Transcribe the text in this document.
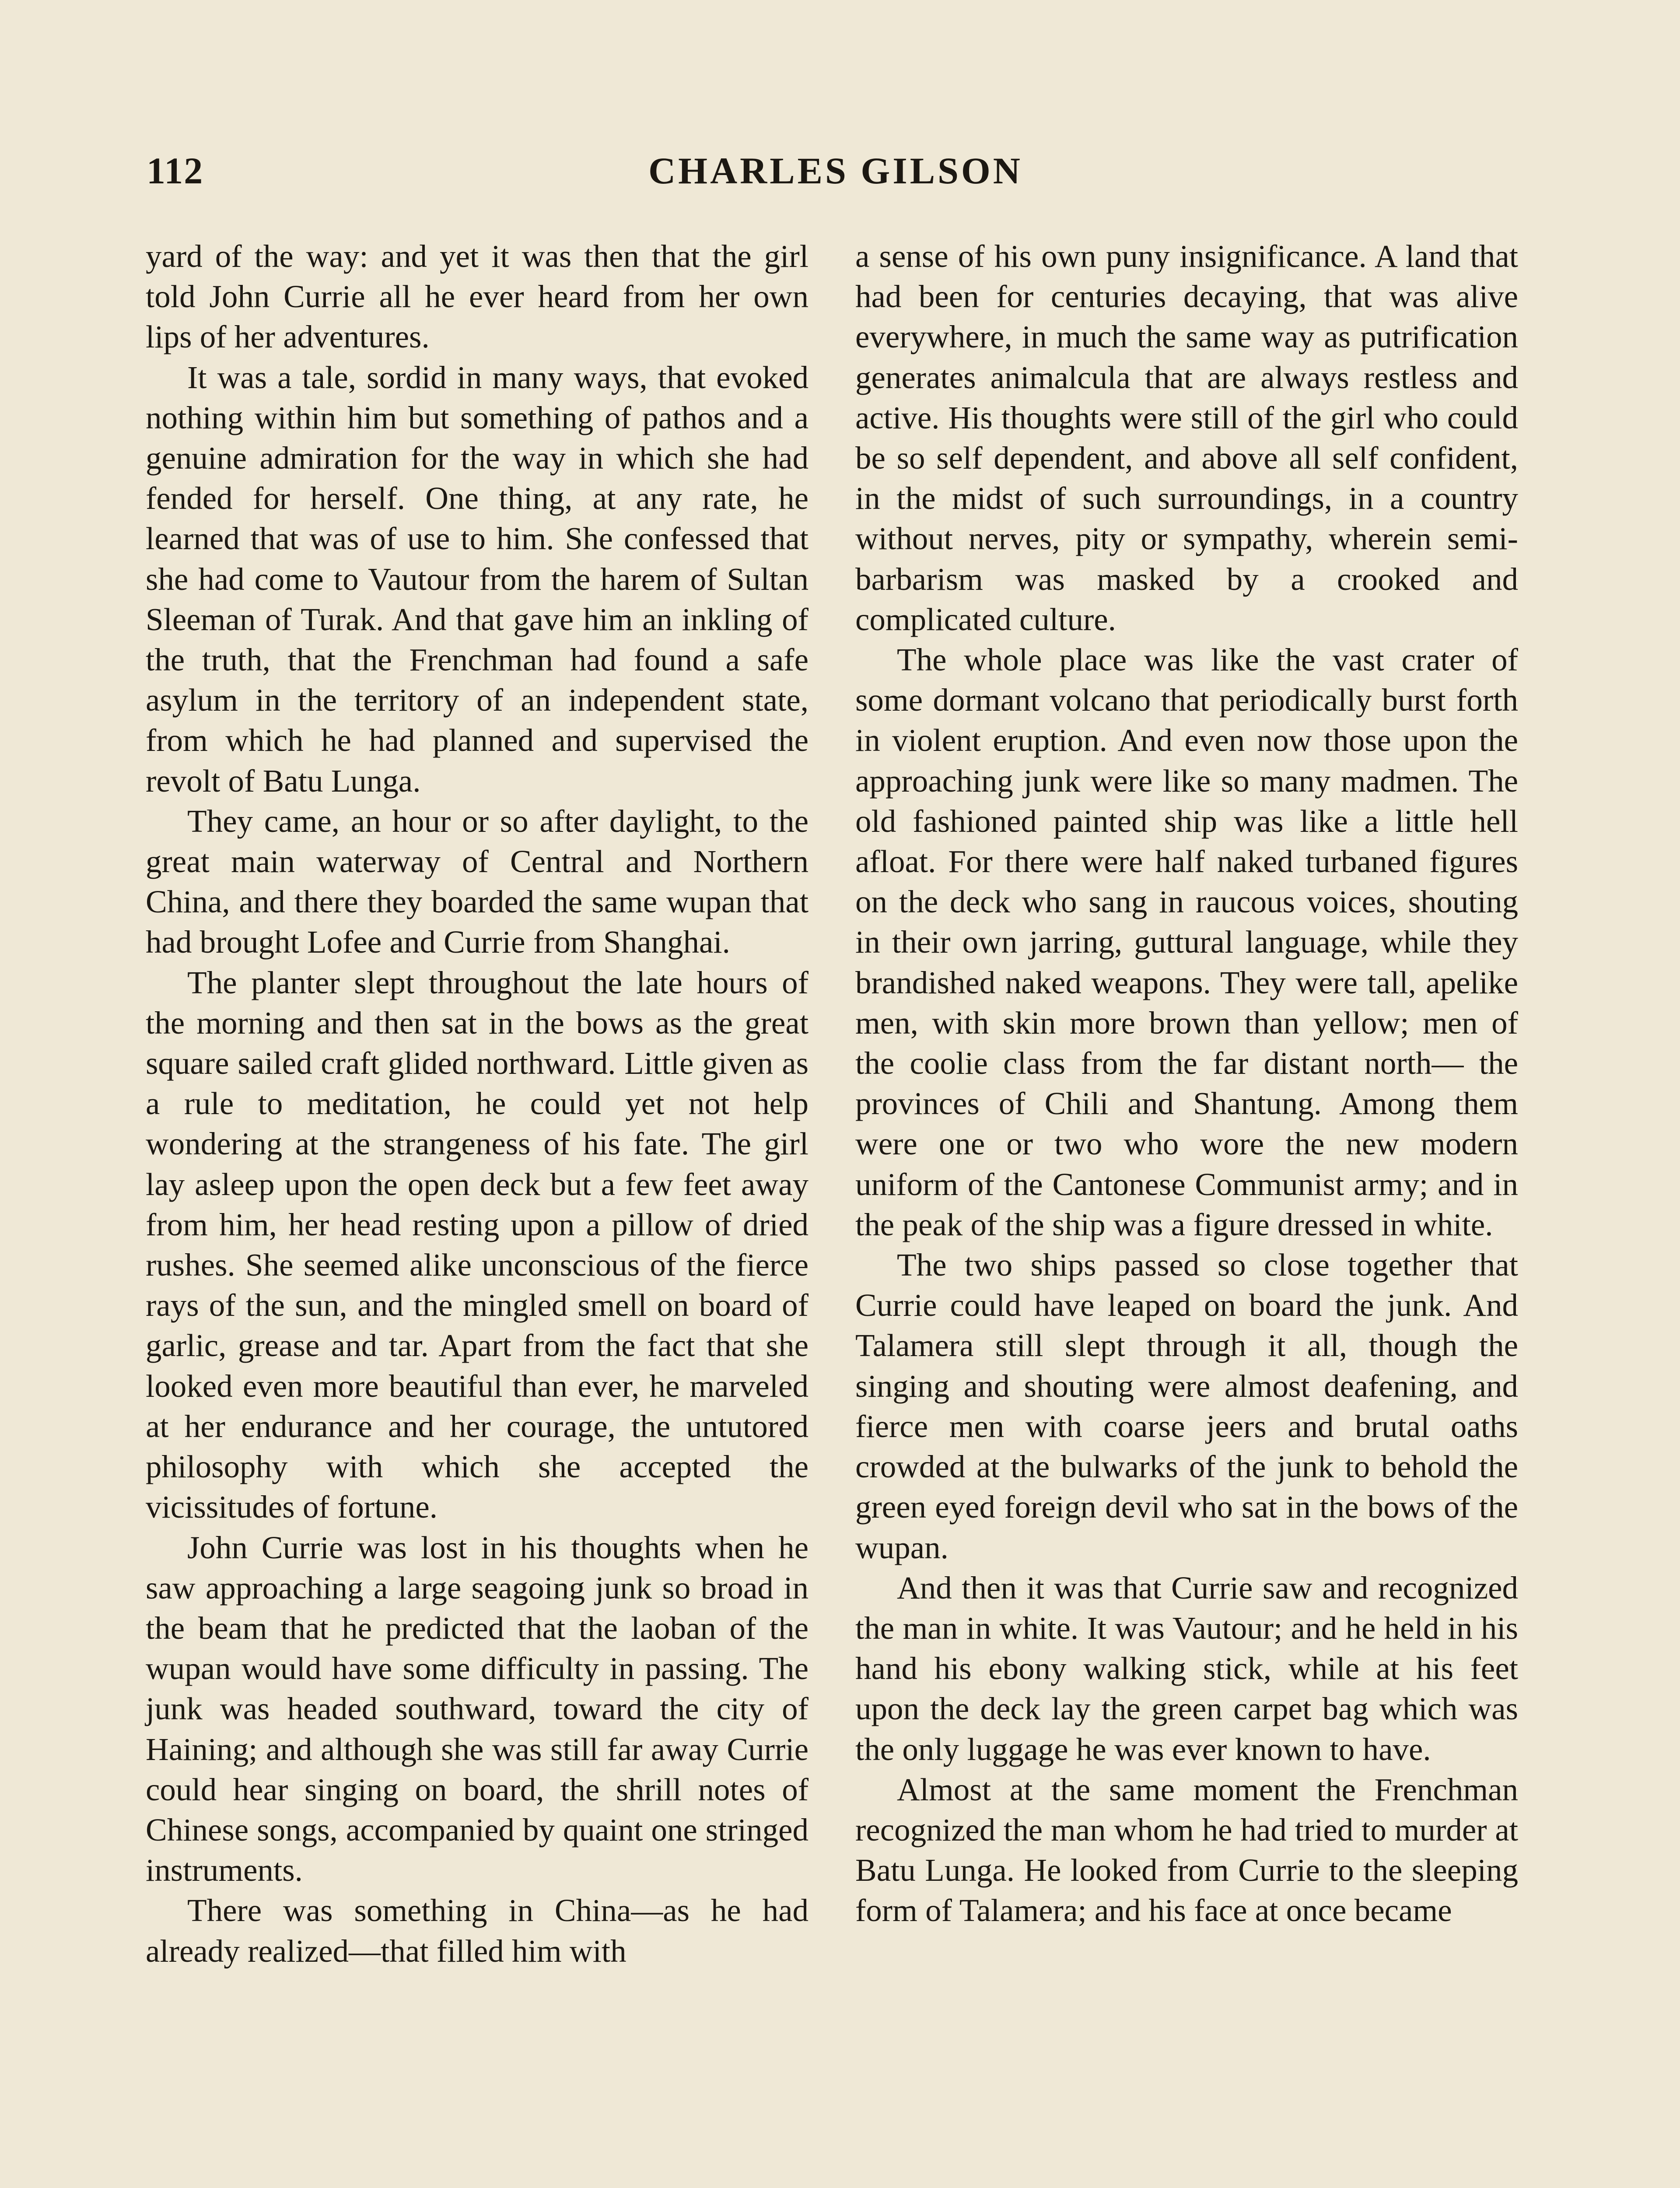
112	CHARLES GILSON

yard of the way: and yet it was then that the girl told John Currie all he ever heard from her own lips of her adventures.

It was a tale, sordid in many ways, that evoked nothing within him but something of pathos and a genuine admiration for the way in which she had fended for herself. One thing, at any rate, he learned that was of use to him. She confessed that she had come to Vautour from the harem of Sultan Sleeman of Turak. And that gave him an inkling of the truth, that the Frenchman had found a safe asylum in the territory of an independent state, from which he had planned and supervised the revolt of Batu Lunga.

They came, an hour or so after daylight, to the great main waterway of Central and Northern China, and there they boarded the same wupan that had brought Lofee and Currie from Shanghai.

The planter slept throughout the late hours of the morning and then sat in the bows as the great square sailed craft glided northward. Little given as a rule to meditation, he could yet not help wondering at the strangeness of his fate. The girl lay asleep upon the open deck but a few feet away from him, her head resting upon a pillow of dried rushes. She seemed alike unconscious of the fierce rays of the sun, and the mingled smell on board of garlic, grease and tar. Apart from the fact that she looked even more beautiful than ever, he marveled at her endurance and her courage, the untutored philosophy with which she accepted the vicissitudes of fortune.

John Currie was lost in his thoughts when he saw approaching a large seagoing junk so broad in the beam that he predicted that the laoban of the wupan would have some difficulty in passing. The junk was headed southward, toward the city of Haining; and although she was still far away Currie could hear singing on board, the shrill notes of Chinese songs, accompanied by quaint one stringed instruments.

There was something in China—as he had already realized—that filled him with

a sense of his own puny insignificance. A land that had been for centuries decaying, that was alive everywhere, in much the same way as putrification generates animalcula that are always restless and active. His thoughts were still of the girl who could be so self dependent, and above all self confident, in the midst of such surroundings, in a country without nerves, pity or sympathy, wherein semi-barbarism was masked by a crooked and complicated culture.

The whole place was like the vast crater of some dormant volcano that periodically burst forth in violent eruption. And even now those upon the approaching junk were like so many madmen. The old fashioned painted ship was like a little hell afloat. For there were half naked turbaned figures on the deck who sang in raucous voices, shouting in their own jarring, guttural language, while they brandished naked weapons. They were tall, apelike men, with skin more brown than yellow; men of the coolie class from the far distant north— the provinces of Chili and Shantung. Among them were one or two who wore the new modern uniform of the Cantonese Communist army; and in the peak of the ship was a figure dressed in white.

The two ships passed so close together that Currie could have leaped on board the junk. And Talamera still slept through it all, though the singing and shouting were almost deafening, and fierce men with coarse jeers and brutal oaths crowded at the bulwarks of the junk to behold the green eyed foreign devil who sat in the bows of the wupan.

And then it was that Currie saw and recognized the man in white. It was Vautour; and he held in his hand his ebony walking stick, while at his feet upon the deck lay the green carpet bag which was the only luggage he was ever known to have.

Almost at the same moment the Frenchman recognized the man whom he had tried to murder at Batu Lunga. He looked from Currie to the sleeping form of Talamera; and his face at once became
